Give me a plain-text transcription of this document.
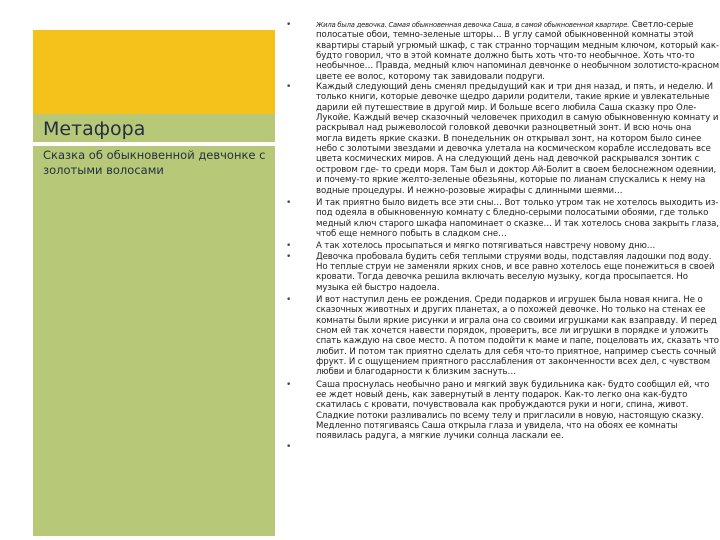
Метафора

Сказка об обыкновенной девчонке с золотыми волосами

• Жила была девочка. Самая обыкновенная девочка Саша, в самой обыкновенной квартире. Светло-серые полосатые обои, темно-зеленые шторы… В углу самой обыкновенной комнаты этой квартиры старый угрюмый шкаф, с так странно торчащим медным ключом, который как- будто говорил, что в этой комнате должно быть хоть что-то необычное. Хоть что-то необычное… Правда, медный ключ напоминал девчонке о необычном золотисто-красном цвете ее волос, которому так завидовали подруги.
• Каждый следующий день сменял предыдущий как и три дня назад, и пять, и неделю. И только книги, которые девочке щедро дарили родители, такие яркие и увлекательные дарили ей путешествие в другой мир. И больше всего любила Саша сказку про Оле-Лукойе. Каждый вечер сказочный человечек приходил в самую обыкновенную комнату и раскрывал над рыжеволосой головкой девочки разноцветный зонт. И всю ночь она могла видеть яркие сказки. В понедельник он открывал зонт, на котором было синее небо с золотыми звездами и девочка улетала на космическом корабле исследовать все цвета космических миров. А на следующий день над девочкой раскрывался зонтик с островом где- то среди моря. Там был и доктор Ай-Болит в своем белоснежном одеянии, и почему-то яркие желто-зеленые обезьяны, которые по лианам спускались к нему на водные процедуры. И нежно-розовые жирафы с длинными шеями…
• И так приятно было видеть все эти сны… Вот только утром так не хотелось выходить из-под одеяла в обыкновенную комнату с бледно-серыми полосатыми обоями, где только медный ключ старого шкафа напоминает о сказке… И так хотелось снова закрыть глаза, чтоб еще немного побыть в сладком сне…
• А так хотелось просыпаться и мягко потягиваться навстречу новому дню…
• Девочка пробовала будить себя теплыми струями воды, подставляя ладошки под воду. Но теплые струи не заменяли ярких снов, и все равно хотелось еще понежиться в своей кровати. Тогда девочка решила включать веселую музыку, когда просыпается. Но музыка ей быстро надоела.
• И вот наступил день ее рождения. Среди подарков и игрушек была новая книга. Не о сказочных животных и других планетах, а о похожей девочке. Но только на стенах ее комнаты были яркие рисунки и играла она со своими игрушками как взаправду. И перед сном ей так хочется навести порядок, проверить, все ли игрушки в порядке и уложить спать каждую на свое место. А потом подойти к маме и папе, поцеловать их, сказать что любит. И потом так приятно сделать для себя что-то приятное, например съесть сочный фрукт. И с ощущением приятного расслабления от законченности всех дел, с чувством любви и благодарности к близким заснуть…
• Саша проснулась необычно рано и мягкий звук будильника как- будто сообщил ей, что ее ждет новый день, как завернутый в ленту подарок. Как-то легко она как-будто скатилась с кровати, почувствовала как пробуждаются руки и ноги, спина, живот. Сладкие потоки разливались по всему телу и пригласили в новую, настоящую сказку. Медленно потягиваясь Саша открыла глаза и увидела, что на обоях ее комнаты появилась радуга, а мягкие лучики солнца ласкали ее.
